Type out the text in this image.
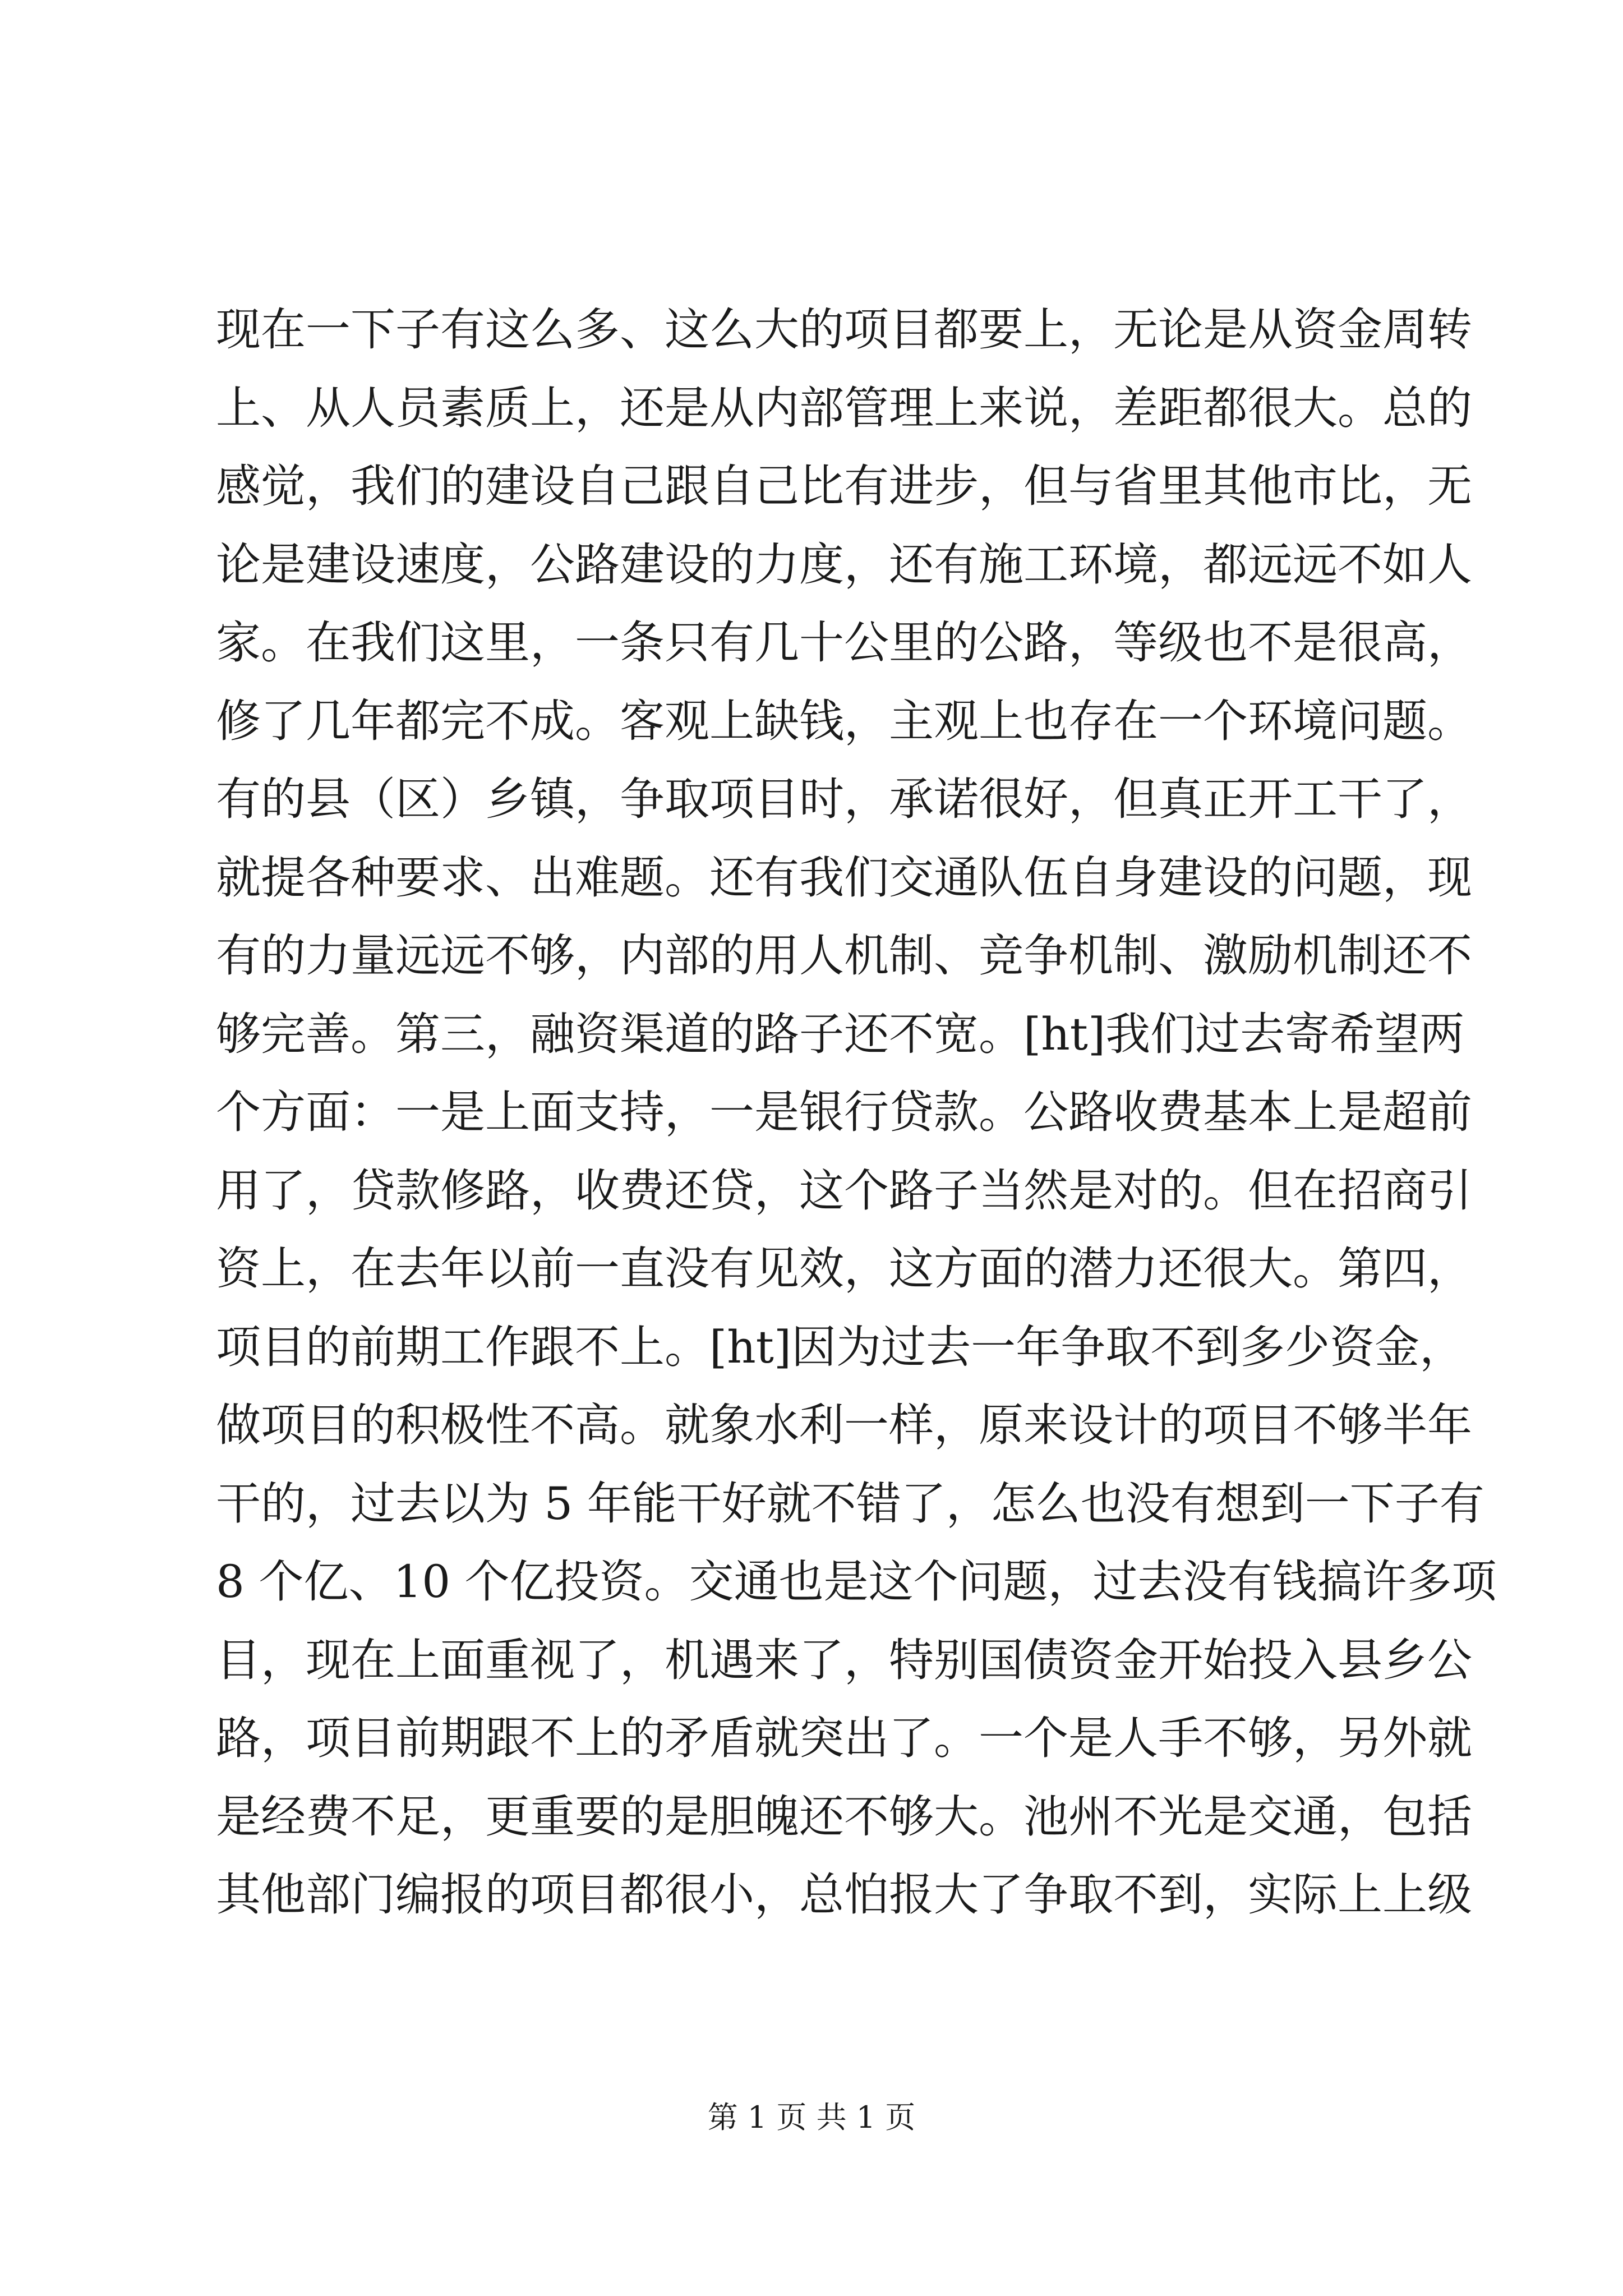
现在一下子有这么多、这么大的项目都要上，无论是从资金周转
上、从人员素质上，还是从内部管理上来说，差距都很大。总的
感觉，我们的建设自己跟自己比有进步，但与省里其他市比，无
论是建设速度，公路建设的力度，还有施工环境，都远远不如人
家。在我们这里，一条只有几十公里的公路，等级也不是很高，
修了几年都完不成。客观上缺钱，主观上也存在一个环境问题。
有的县（区）乡镇，争取项目时，承诺很好，但真正开工干了，
就提各种要求、出难题。还有我们交通队伍自身建设的问题，现
有的力量远远不够，内部的用人机制、竞争机制、激励机制还不
够完善。第三，融资渠道的路子还不宽。[ht]我们过去寄希望两
个方面：一是上面支持，一是银行贷款。公路收费基本上是超前
用了，贷款修路，收费还贷，这个路子当然是对的。但在招商引
资上，在去年以前一直没有见效，这方面的潜力还很大。第四，
项目的前期工作跟不上。[ht]因为过去一年争取不到多少资金，
做项目的积极性不高。就象水利一样，原来设计的项目不够半年
干的，过去以为 5 年能干好就不错了，怎么也没有想到一下子有
8 个亿、10 个亿投资。交通也是这个问题，过去没有钱搞许多项
目，现在上面重视了，机遇来了，特别国债资金开始投入县乡公
路，项目前期跟不上的矛盾就突出了。一个是人手不够，另外就
是经费不足，更重要的是胆魄还不够大。池州不光是交通，包括
其他部门编报的项目都很小，总怕报大了争取不到，实际上上级
第 1 页 共 1 页
